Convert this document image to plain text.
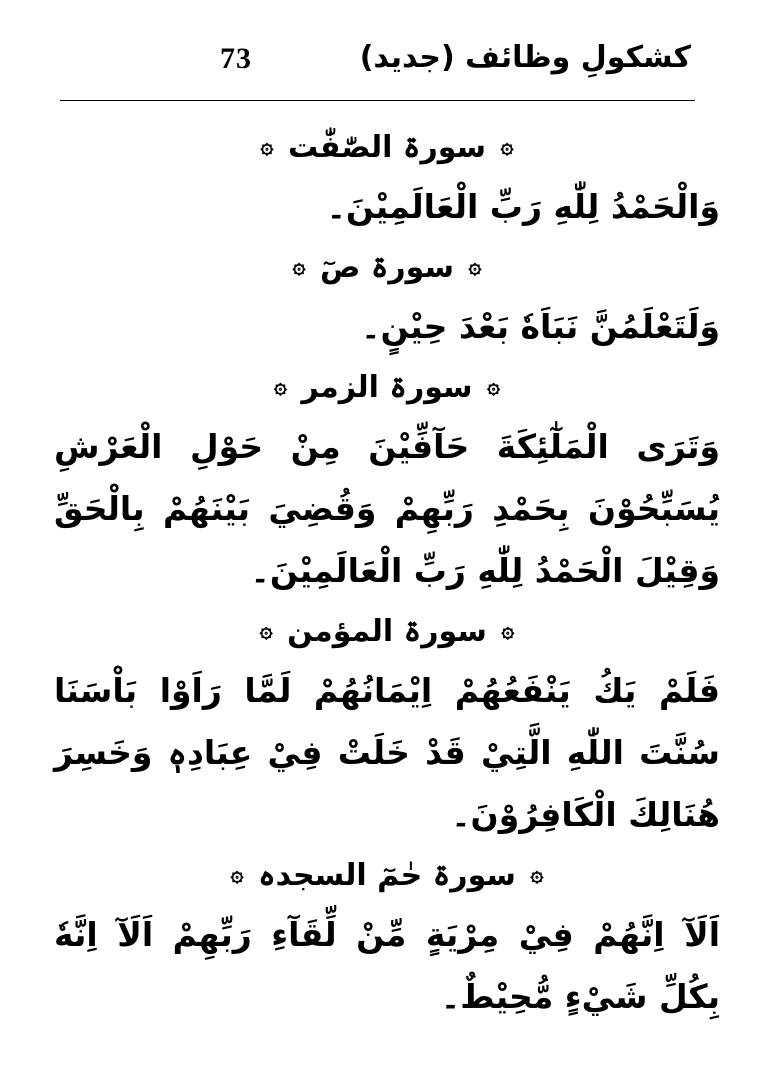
73	کشکولِ وظائف (جدید)
۞
سورۃ الصّٰفّٰت
۞
وَالْحَمْدُ لِلّٰهِ رَبِّ الْعَالَمِيْنَ۔
۞
سورۃ صٓ
۞
وَلَتَعْلَمُنَّ نَبَاَهٗ بَعْدَ حِيْنٍ۔
۞
سورۃ الزمر
۞
وَتَرَى الْمَلٰٓئِكَةَ حَآفِّيْنَ مِنْ حَوْلِ الْعَرْشِ يُسَبِّحُوْنَ بِحَمْدِ رَبِّهِمْ وَقُضِيَ بَيْنَهُمْ بِالْحَقِّ وَقِيْلَ الْحَمْدُ لِلّٰهِ رَبِّ الْعَالَمِيْنَ۔
۞
سورۃ المؤمن
۞
فَلَمْ يَكُ يَنْفَعُهُمْ اِيْمَانُهُمْ لَمَّا رَاَوْا بَاْسَنَا سُنَّتَ اللّٰهِ الَّتِيْ قَدْ خَلَتْ فِيْ عِبَادِهٖ وَخَسِرَ هُنَالِكَ الْكَافِرُوْنَ۔
۞
سورۃ حٰمٓ السجدہ
۞
اَلَآ اِنَّهُمْ فِيْ مِرْيَةٍ مِّنْ لِّقَآءِ رَبِّهِمْ اَلَآ اِنَّهٗ بِكُلِّ شَيْءٍ مُّحِيْطٌ۔
